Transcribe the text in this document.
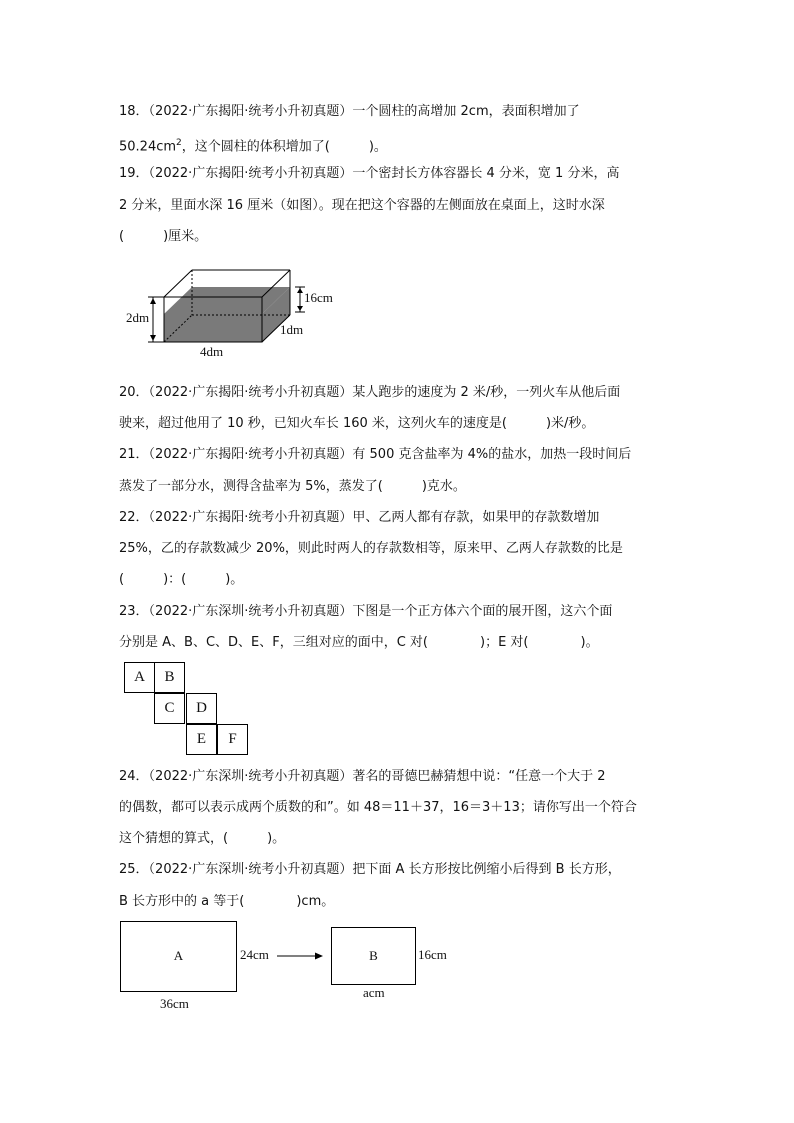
18．（2022·广东揭阳·统考小升初真题）一个圆柱的高增加 2cm，表面积增加了
$50.24cm^2$，这个圆柱的体积增加了(　　　)。
19．（2022·广东揭阳·统考小升初真题）一个密封长方体容器长 4 分米，宽 1 分米，高
2 分米，里面水深 16 厘米（如图）。现在把这个容器的左侧面放在桌面上，这时水深
(　　　)厘米。
2dm
16cm
1dm
4dm
20．（2022·广东揭阳·统考小升初真题）某人跑步的速度为 2 米/秒，一列火车从他后面
驶来，超过他用了 10 秒，已知火车长 160 米，这列火车的速度是(　　　)米/秒。
21．（2022·广东揭阳·统考小升初真题）有 500 克含盐率为 4%的盐水，加热一段时间后
蒸发了一部分水，测得含盐率为 5%，蒸发了(　　　)克水。
22．（2022·广东揭阳·统考小升初真题）甲、乙两人都有存款，如果甲的存款数增加
25%，乙的存款数减少 20%，则此时两人的存款数相等，原来甲、乙两人存款数的比是
(　　　)：(　　　)。
23．（2022·广东深圳·统考小升初真题）下图是一个正方体六个面的展开图，这六个面
分别是 A、B、C、D、E、F，三组对应的面中，C 对(　　　　)；E 对(　　　　)。
A	B
C	D
E	F
24．（2022·广东深圳·统考小升初真题）著名的哥德巴赫猜想中说：“任意一个大于 2
的偶数，都可以表示成两个质数的和”。如 48＝11＋37，16＝3＋13；请你写出一个符合
这个猜想的算式，(　　　)。
25．（2022·广东深圳·统考小升初真题）把下面 A 长方形按比例缩小后得到 B 长方形，
B 长方形中的 a 等于(　　　　)cm。
A	24cm
36cm
B	16cm
acm
